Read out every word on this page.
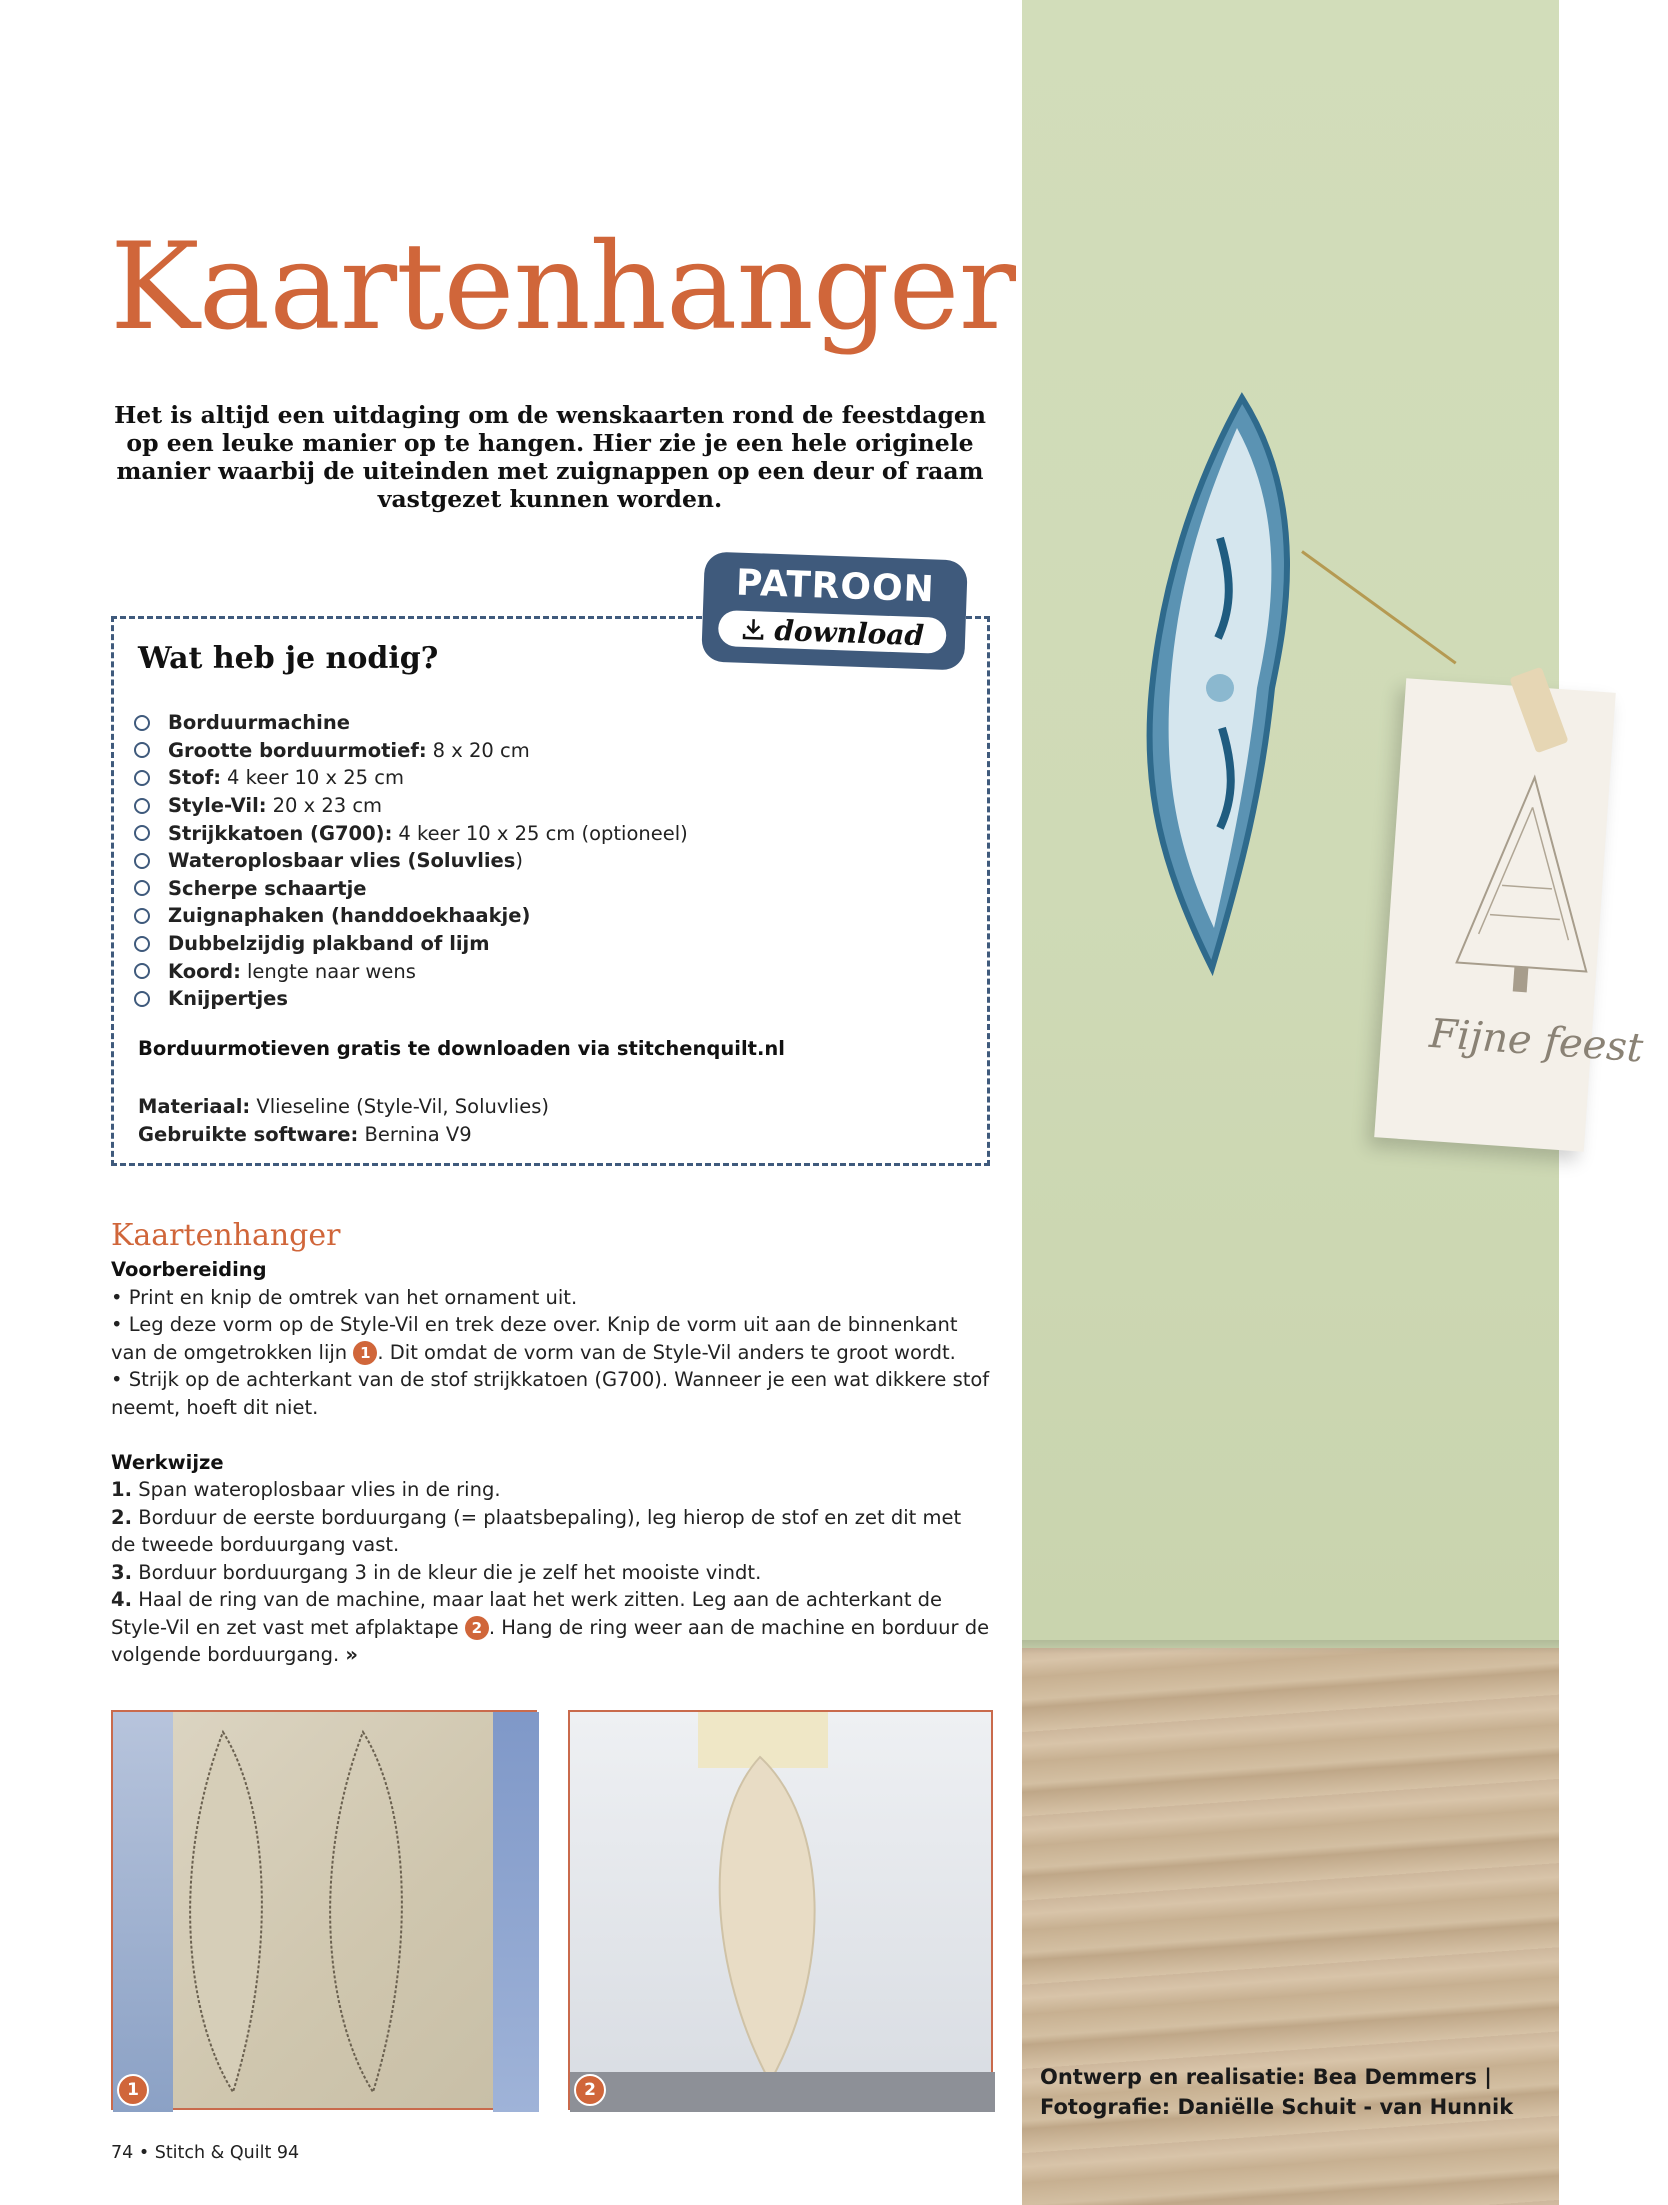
Fijne feest
Ontwerp en realisatie: Bea Demmers | Fotografie: Daniëlle Schuit - van Hunnik
Kaartenhanger
Het is altijd een uitdaging om de wenskaarten rond de feestdagen op een leuke manier op te hangen. Hier zie je een hele originele manier waarbij de uiteinden met zuignappen op een deur of raam vastgezet kunnen worden.
Wat heb je nodig?
Borduurmachine
Grootte borduurmotief: 8 x 20 cm
Stof: 4 keer 10 x 25 cm
Style-Vil: 20 x 23 cm
Strijkkatoen (G700): 4 keer 10 x 25 cm (optioneel)
Wateroplosbaar vlies (Soluvlies )
Scherpe schaartje
Zuignaphaken (handdoekhaakje)
Dubbelzijdig plakband of lijm
Koord: lengte naar wens
Knijpertjes
Borduurmotieven gratis te downloaden via stitchenquilt.nl
Materiaal: Vlieseline (Style-Vil, Soluvlies)
Gebruikte software: Bernina V9
PATROON
download
Kaartenhanger

Voorbereiding

• Print en knip de omtrek van het ornament uit.

• Leg deze vorm op de Style-Vil en trek deze over. Knip de vorm uit aan de binnenkant van de omgetrokken lijn 1 . Dit omdat de vorm van de Style-Vil anders te groot wordt.

• Strijk op de achterkant van de stof strijkkatoen (G700). Wanneer je een wat dikkere stof neemt, hoeft dit niet.

Werkwijze

1. Span wateroplosbaar vlies in de ring.

2. Borduur de eerste borduurgang (= plaatsbepaling), leg hierop de stof en zet dit met de tweede borduurgang vast.

3. Borduur borduurgang 3 in de kleur die je zelf het mooiste vindt.

4. Haal de ring van de machine, maar laat het werk zitten. Leg aan de achterkant de Style-Vil en zet vast met afplaktape 2 . Hang de ring weer aan de machine en borduur de volgende borduurgang. »

1	2
74 • Stitch & Quilt 94
